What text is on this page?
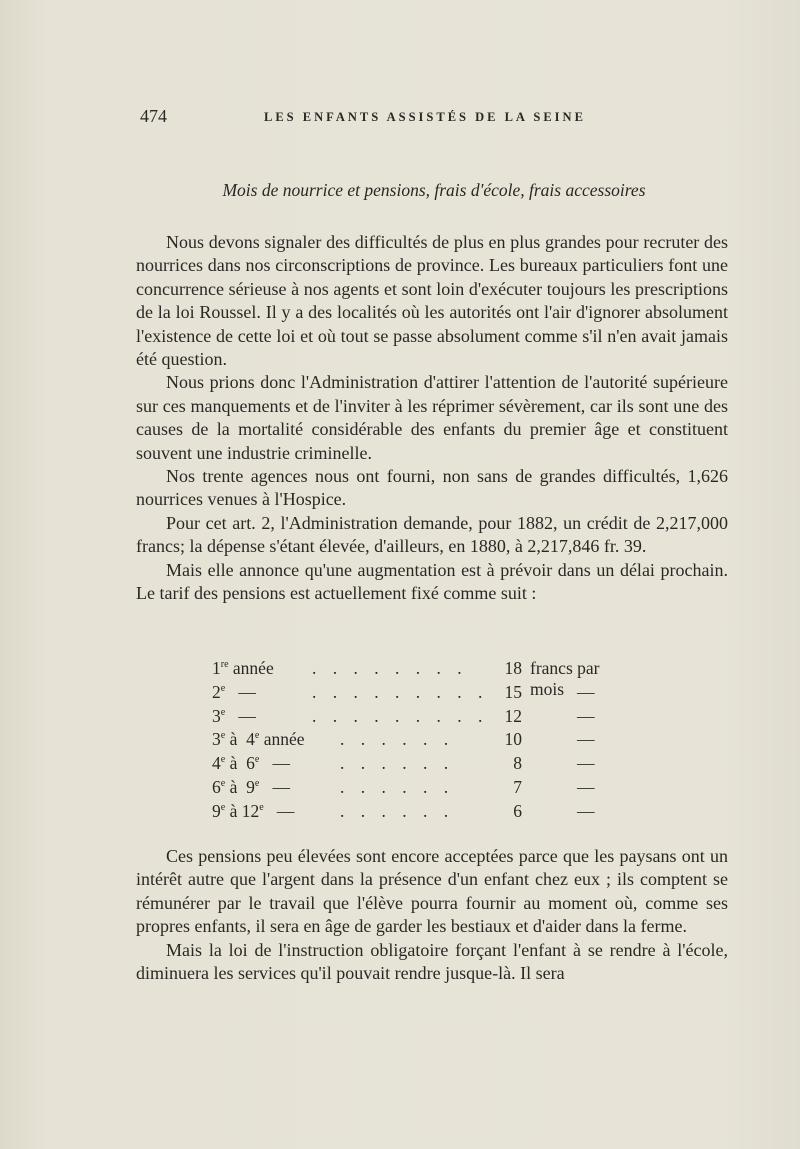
474	LES ENFANTS ASSISTÉS DE LA SEINE
Mois de nourrice et pensions, frais d'école, frais accessoires

Nous devons signaler des difficultés de plus en plus grandes pour recruter des nourrices dans nos circonscriptions de province. Les bureaux particuliers font une concurrence sérieuse à nos agents et sont loin d'exécuter toujours les prescriptions de la loi Roussel. Il y a des localités où les autorités ont l'air d'ignorer absolument l'existence de cette loi et où tout se passe absolument comme s'il n'en avait jamais été question.

Nous prions donc l'Administration d'attirer l'attention de l'autorité supérieure sur ces manquements et de l'inviter à les réprimer sévèrement, car ils sont une des causes de la mortalité considérable des enfants du premier âge et constituent souvent une industrie criminelle.

Nos trente agences nous ont fourni, non sans de grandes difficultés, 1,626 nourrices venues à l'Hospice.

Pour cet art. 2, l'Administration demande, pour 1882, un crédit de 2,217,000 francs; la dépense s'étant élevée, d'ailleurs, en 1880, à 2,217,846 fr. 39.

Mais elle annonce qu'une augmentation est à prévoir dans un délai prochain. Le tarif des pensions est actuellement fixé comme suit :

1re année . . . . . . . .	18 francs par mois
2e   —	. . . . . . . . . 15	—
3e   —	. . . . . . . . . 12	—
3e à  4e année . . . . . .	10	—
4e à  6e   —	. . . . . .	8	—
6e à  9e   —	. . . . . .	7	—
9e à 12e   —	. . . . . .	6	—

Ces pensions peu élevées sont encore acceptées parce que les paysans ont un intérêt autre que l'argent dans la présence d'un enfant chez eux ; ils comptent se rémunérer par le travail que l'élève pourra fournir au moment où, comme ses propres enfants, il sera en âge de garder les bestiaux et d'aider dans la ferme.

Mais la loi de l'instruction obligatoire forçant l'enfant à se rendre à l'école, diminuera les services qu'il pouvait rendre jusque-là. Il sera
